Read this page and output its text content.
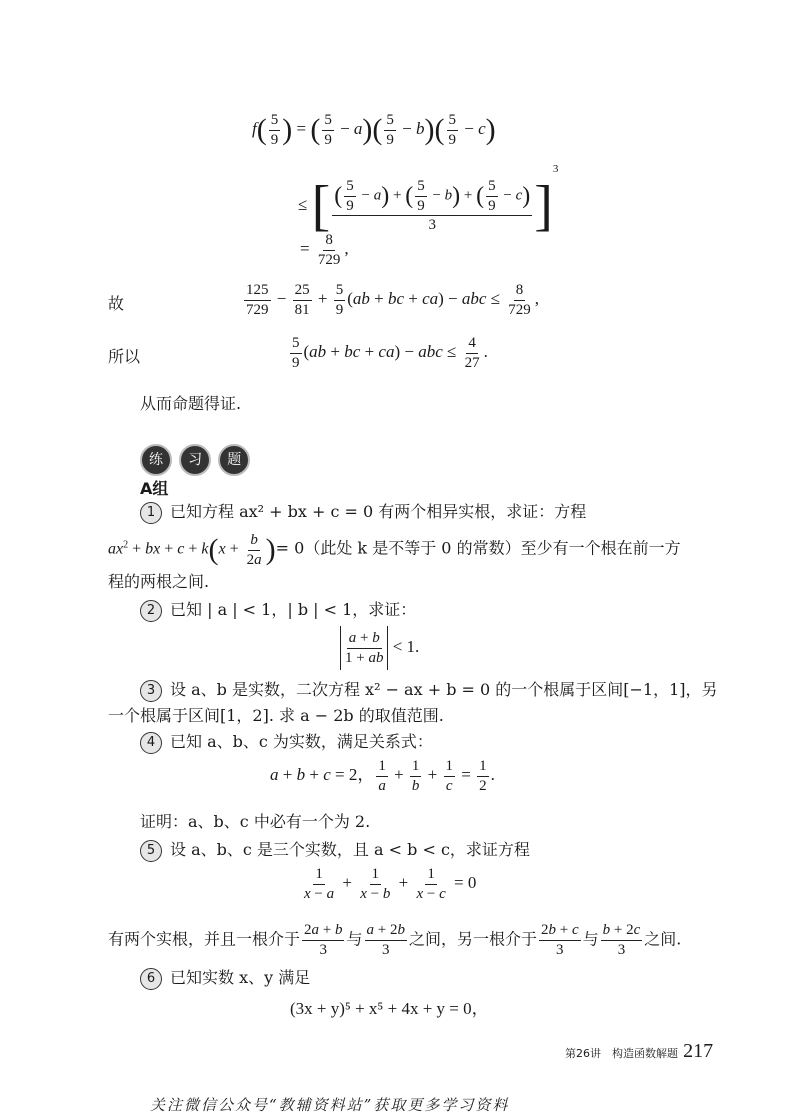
$f( \frac{5}{9}$ ) = ( $\frac{5}{9} - a)( \frac{5}{9} - b)( \frac{5}{9} - c)$
≤ [ $\frac{( \frac{5}{9} - a) + ( \frac{5}{9} - b) + ( \frac{5}{9} - c)}{3} ]^3$
= $\frac{8}{729}$ ,
故	$\frac{125}{729} - \frac{25}{81} + \frac{5}{9} (ab$ + bc + ca) − abc ≤ $\frac{8}{729}$ ,
所以	$\frac{5}{9} (ab$ + bc + ca) − abc ≤ $\frac{4}{27}$ .
从而命题得证.
练 习 题
A组
1 已知方程 ax² + bx + c = 0 有两个相异实根，求证：方程
$ax^2$ + bx + $c + k(x + \frac{b}{2a}$ )= 0（此处 k 是不等于 0 的常数）至少有一个根在前一方
程的两根之间.
2 已知 | a | < 1，| b | < 1，求证：
$\frac{a + b}{1 + ab} < 1$.
3 设 a、b 是实数，二次方程 x² − ax + b = 0 的一个根属于区间[−1，1]，另
一个根属于区间[1，2]. 求 a − 2b 的取值范围.
4 已知 a、b、c 为实数，满足关系式：
a + b + c = 2， $\frac{1}{a} + \frac{1}{b} + \frac{1}{c} = \frac{1}{2}$ .
证明：a、b、c 中必有一个为 2.
5 设 a、b、c 是三个实数，且 a < b < c，求证方程
$\frac{1}{x - a} + \frac{1}{x - b} + \frac{1}{x - c} = 0$
有两个实根，并且一根介于 $\frac{2a + b}{3}$ 与 $\frac{a + 2b}{3}$ 之间，另一根介于 $\frac{2b + c}{3}$ 与 $\frac{b + 2c}{3}$ 之间.
6 已知实数 x、y 满足
(3x + y)⁵ + x⁵ + 4x + y = 0，
第26讲　构造函数解题 217
关注微信公众号“教辅资料站”获取更多学习资料
